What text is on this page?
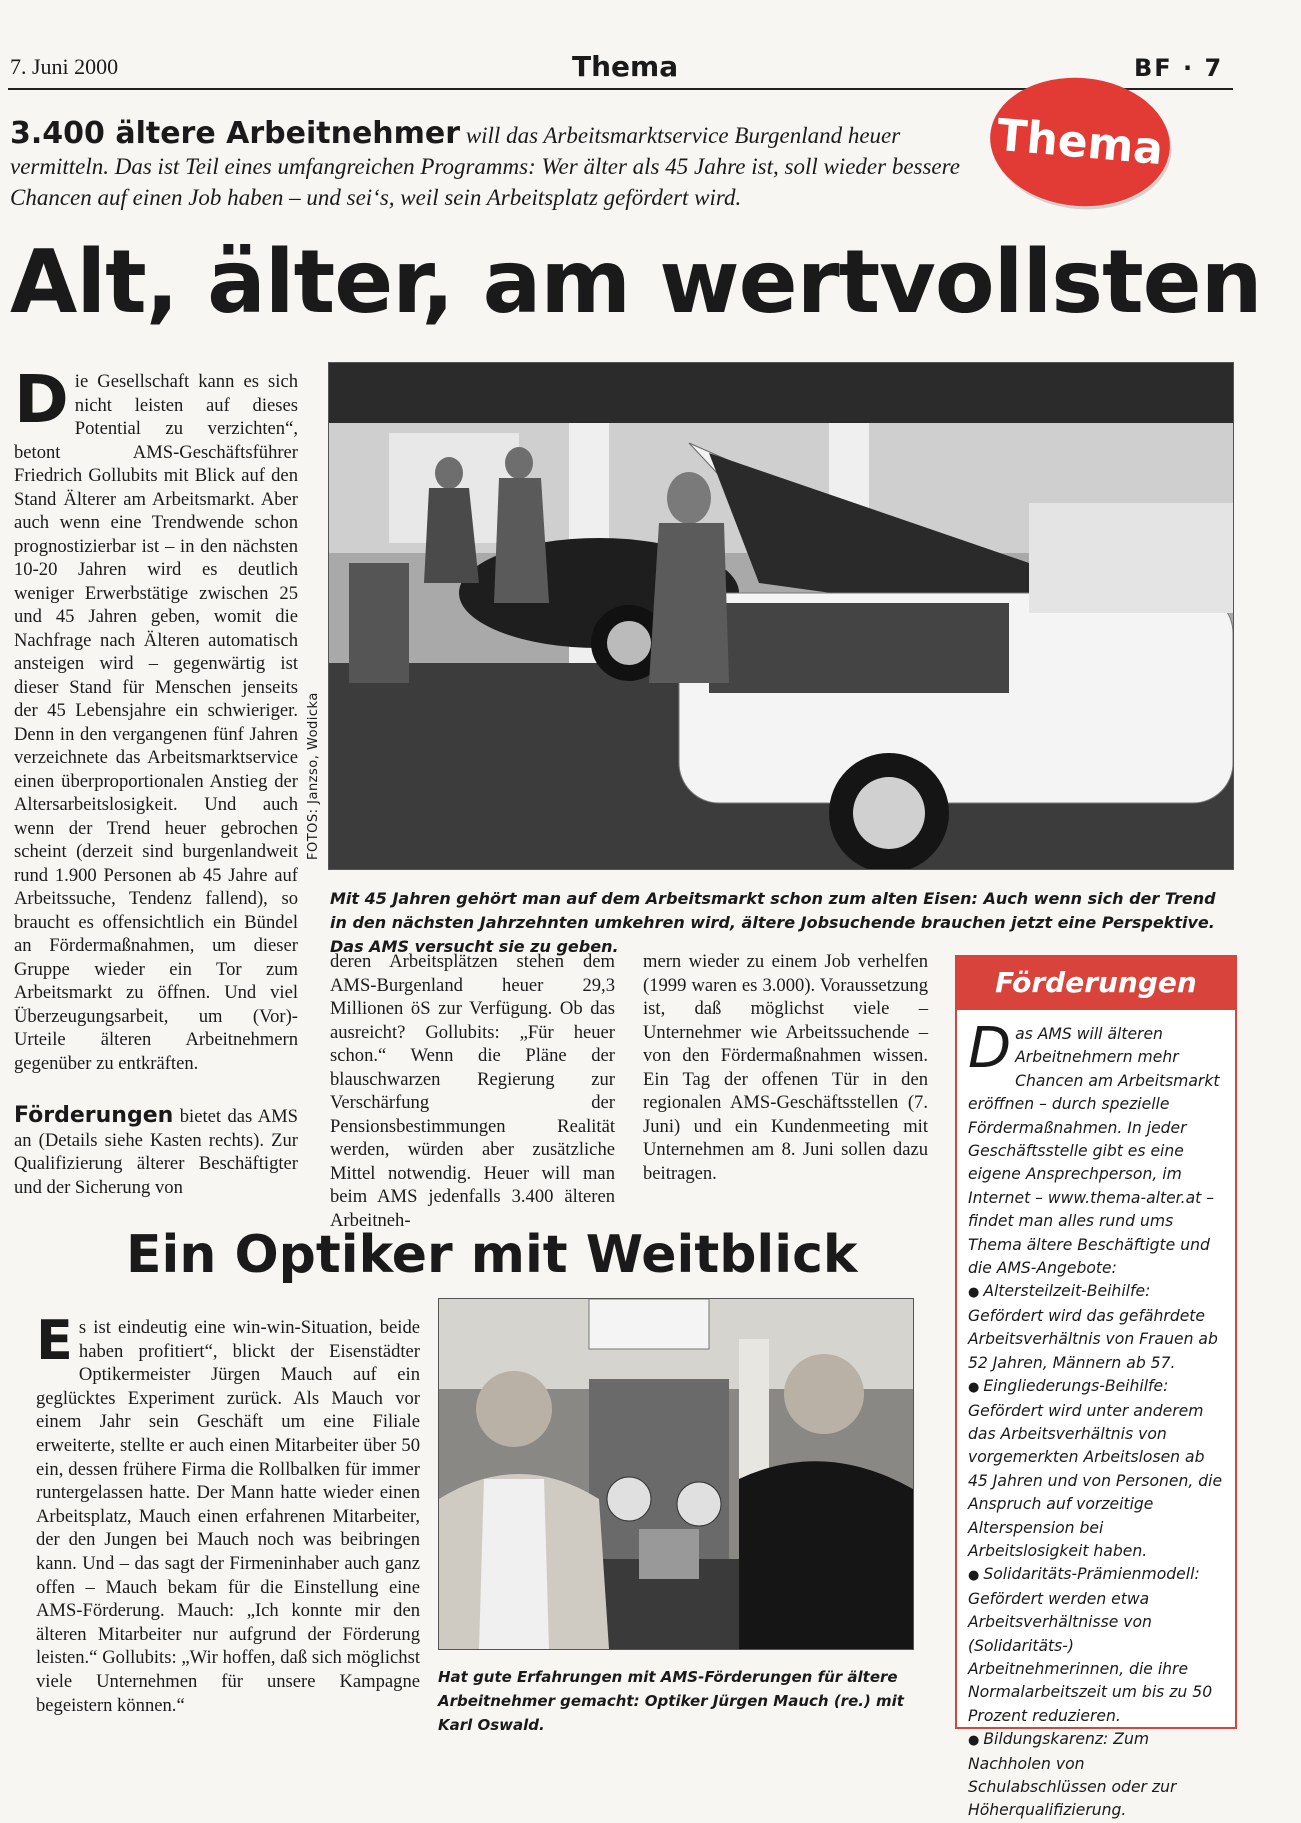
7. Juni 2000	Thema	BF · 7
Thema
3.400 ältere Arbeitnehmer will das Arbeitsmarktservice Burgenland heuer vermitteln. Das ist Teil eines umfangreichen Programms: Wer älter als 45 Jahre ist, soll wieder bessere Chancen auf einen Job haben – und sei‘s, weil sein Arbeitsplatz gefördert wird.
Alt, älter, am wertvollsten
Die Gesellschaft kann es sich nicht leisten auf dieses Potential zu verzichten“, betont AMS-Geschäftsführer Friedrich Gollubits mit Blick auf den Stand Älterer am Arbeitsmarkt. Aber auch wenn eine Trendwende schon prognostizierbar ist – in den nächsten 10-20 Jahren wird es deutlich weniger Erwerbstätige zwischen 25 und 45 Jahren geben, womit die Nachfrage nach Älteren automatisch ansteigen wird – gegenwärtig ist dieser Stand für Menschen jenseits der 45 Lebensjahre ein schwieriger. Denn in den vergangenen fünf Jahren verzeichnete das Arbeitsmarktservice einen überproportionalen Anstieg der Altersarbeitslosigkeit. Und auch wenn der Trend heuer gebrochen scheint (derzeit sind burgenlandweit rund 1.900 Personen ab 45 Jahre auf Arbeitssuche, Tendenz fallend), so braucht es offensichtlich ein Bündel an Fördermaßnahmen, um dieser Gruppe wieder ein Tor zum Arbeitsmarkt zu öffnen. Und viel Überzeugungsarbeit, um (Vor)-Urteile älteren Arbeitnehmern gegenüber zu entkräften.
Förderungen bietet das AMS an (Details siehe Kasten rechts). Zur Qualifizierung älterer Beschäftigter und der Sicherung von
FOTOS: Janzso, Wodicka
Mit 45 Jahren gehört man auf dem Arbeitsmarkt schon zum alten Eisen: Auch wenn sich der Trend in den nächsten Jahrzehnten umkehren wird, ältere Jobsuchende brauchen jetzt eine Perspektive. Das AMS versucht sie zu geben.
deren Arbeitsplätzen stehen dem AMS-Burgenland heuer 29,3 Millionen öS zur Verfügung. Ob das ausreicht? Gollubits: „Für heuer schon.“ Wenn die Pläne der blauschwarzen Regierung zur Verschärfung der Pensionsbestimmungen Realität werden, würden aber zusätzliche Mittel notwendig. Heuer will man beim AMS jedenfalls 3.400 älteren Arbeitneh-
mern wieder zu einem Job verhelfen (1999 waren es 3.000). Voraussetzung ist, daß möglichst viele – Unternehmer wie Arbeitssuchende – von den Fördermaßnahmen wissen. Ein Tag der offenen Tür in den regionalen AMS-Geschäftsstellen (7. Juni) und ein Kundenmeeting mit Unternehmen am 8. Juni sollen dazu beitragen.
Förderungen

Das AMS will älteren Arbeitnehmern mehr Chancen am Arbeitsmarkt eröffnen – durch spezielle Fördermaßnahmen. In jeder Geschäftsstelle gibt es eine eigene Ansprechperson, im Internet – www.thema-alter.at – findet man alles rund ums Thema ältere Beschäftigte und die AMS-Angebote:

● Altersteilzeit-Beihilfe: Gefördert wird das gefährdete Arbeitsverhältnis von Frauen ab 52 Jahren, Männern ab 57.

● Eingliederungs-Beihilfe: Gefördert wird unter anderem das Arbeitsverhältnis von vorgemerkten Arbeitslosen ab 45 Jahren und von Personen, die Anspruch auf vorzeitige Alterspension bei Arbeitslosigkeit haben.

● Solidaritäts-Prämienmodell: Gefördert werden etwa Arbeitsverhältnisse von (Solidaritäts-) Arbeitnehmerinnen, die ihre Normalarbeitszeit um bis zu 50 Prozent reduzieren.

● Bildungskarenz: Zum Nachholen von Schulabschlüssen oder zur Höherqualifizierung.

Ein Optiker mit Weitblick
Es ist eindeutig eine win-win-Situation, beide haben profitiert“, blickt der Eisenstädter Optikermeister Jürgen Mauch auf ein geglücktes Experiment zurück. Als Mauch vor einem Jahr sein Geschäft um eine Filiale erweiterte, stellte er auch einen Mitarbeiter über 50 ein, dessen frühere Firma die Rollbalken für immer runtergelassen hatte. Der Mann hatte wieder einen Arbeitsplatz, Mauch einen erfahrenen Mitarbeiter, der den Jungen bei Mauch noch was beibringen kann. Und – das sagt der Firmeninhaber auch ganz offen – Mauch bekam für die Einstellung eine AMS-Förderung. Mauch: „Ich konnte mir den älteren Mitarbeiter nur aufgrund der Förderung leisten.“ Gollubits: „Wir hoffen, daß sich möglichst viele Unternehmen für unsere Kampagne begeistern können.“
Hat gute Erfahrungen mit AMS-Förderungen für ältere Arbeitnehmer gemacht: Optiker Jürgen Mauch (re.) mit Karl Oswald.
